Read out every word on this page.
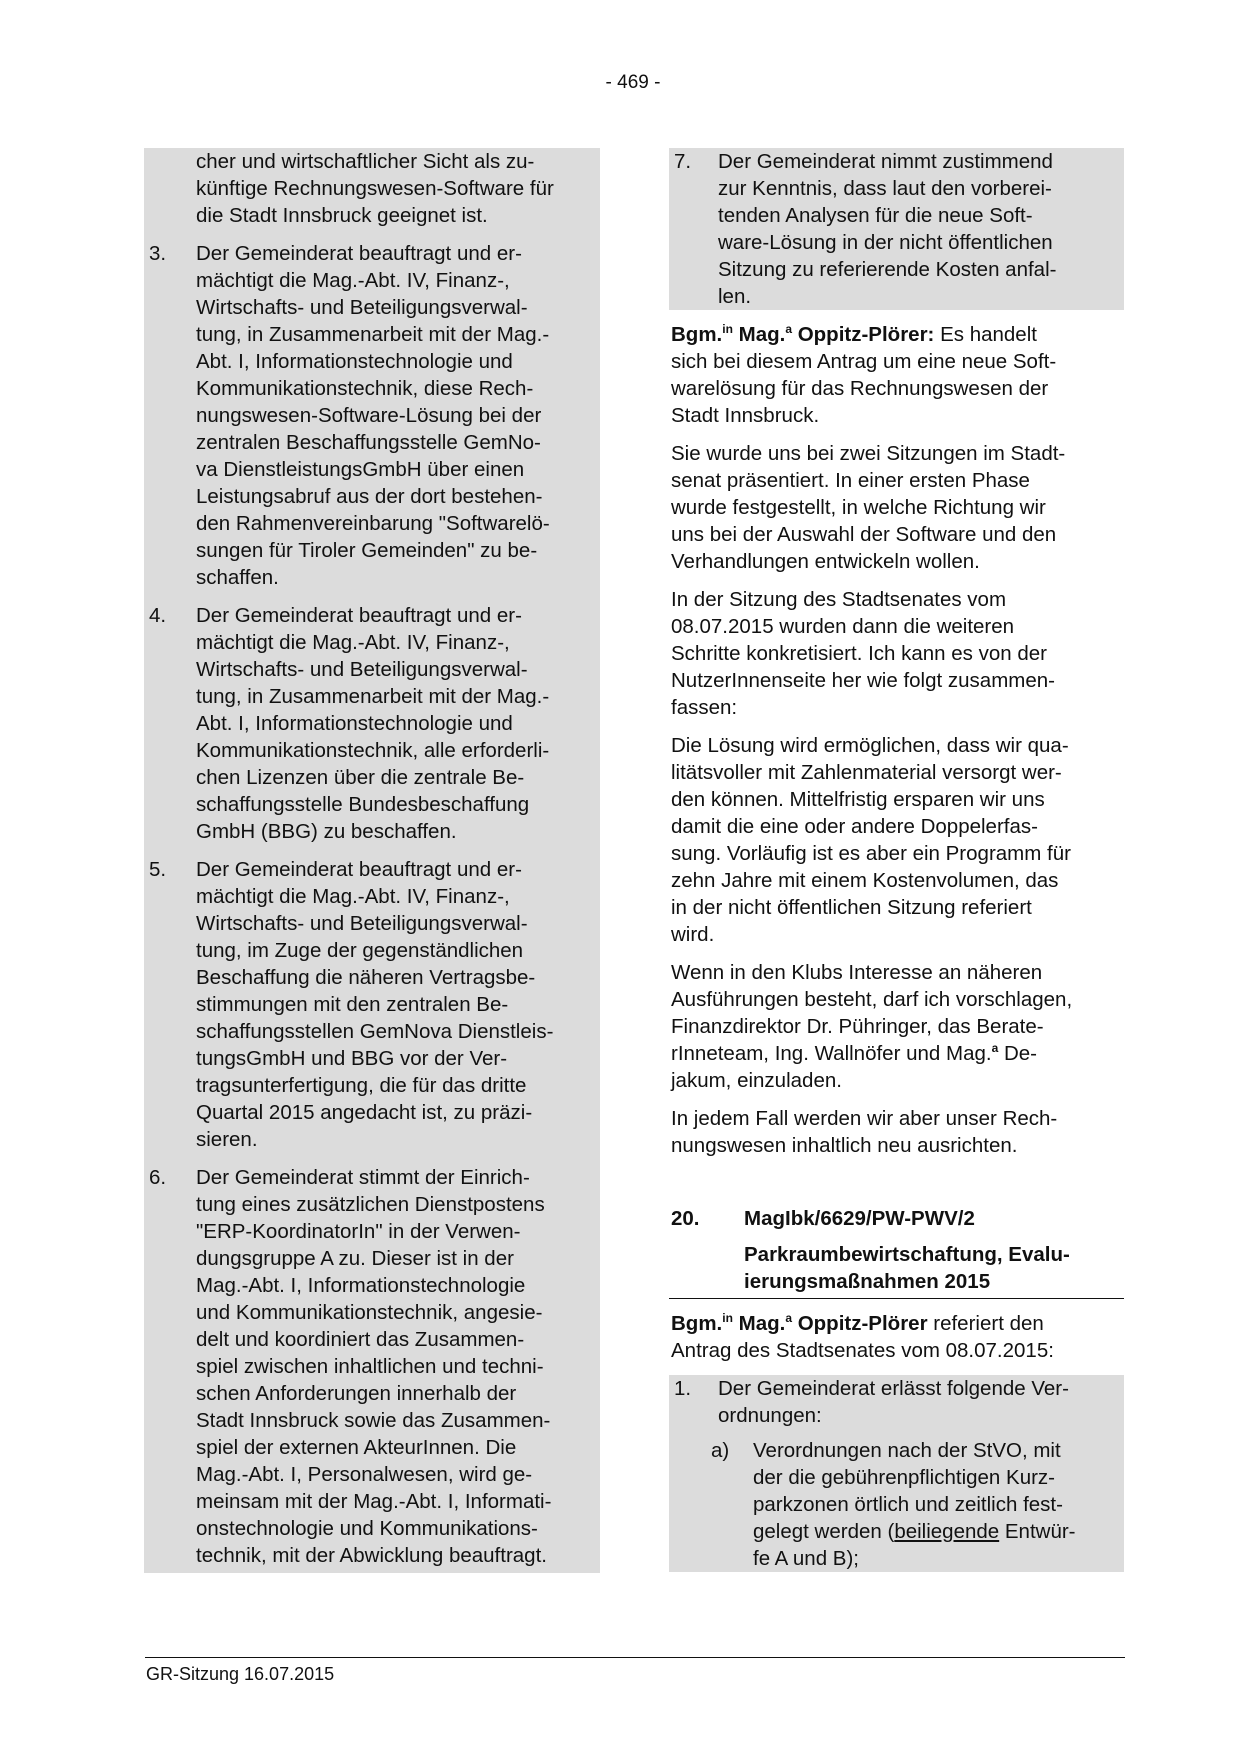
- 469 -
cher und wirtschaftlicher Sicht als zu-
künftige Rechnungswesen-Software für
die Stadt Innsbruck geeignet ist.
3. Der Gemeinderat beauftragt und er-
mächtigt die Mag.-Abt. IV, Finanz-,
Wirtschafts- und Beteiligungsverwal-
tung, in Zusammenarbeit mit der Mag.-
Abt. I, Informationstechnologie und
Kommunikationstechnik, diese Rech-
nungswesen-Software-Lösung bei der
zentralen Beschaffungsstelle GemNo-
va DienstleistungsGmbH über einen
Leistungsabruf aus der dort bestehen-
den Rahmenvereinbarung "Softwarelö-
sungen für Tiroler Gemeinden" zu be-
schaffen.
4. Der Gemeinderat beauftragt und er-
mächtigt die Mag.-Abt. IV, Finanz-,
Wirtschafts- und Beteiligungsverwal-
tung, in Zusammenarbeit mit der Mag.-
Abt. I, Informationstechnologie und
Kommunikationstechnik, alle erforderli-
chen Lizenzen über die zentrale Be-
schaffungsstelle Bundesbeschaffung
GmbH (BBG) zu beschaffen.
5. Der Gemeinderat beauftragt und er-
mächtigt die Mag.-Abt. IV, Finanz-,
Wirtschafts- und Beteiligungsverwal-
tung, im Zuge der gegenständlichen
Beschaffung die näheren Vertragsbe-
stimmungen mit den zentralen Be-
schaffungsstellen GemNova Dienstleis-
tungsGmbH und BBG vor der Ver-
tragsunterfertigung, die für das dritte
Quartal 2015 angedacht ist, zu präzi-
sieren.
6. Der Gemeinderat stimmt der Einrich-
tung eines zusätzlichen Dienstpostens
"ERP-KoordinatorIn" in der Verwen-
dungsgruppe A zu. Dieser ist in der
Mag.-Abt. I, Informationstechnologie
und Kommunikationstechnik, angesie-
delt und koordiniert das Zusammen-
spiel zwischen inhaltlichen und techni-
schen Anforderungen innerhalb der
Stadt Innsbruck sowie das Zusammen-
spiel der externen AkteurInnen. Die
Mag.-Abt. I, Personalwesen, wird ge-
meinsam mit der Mag.-Abt. I, Informati-
onstechnologie und Kommunikations-
technik, mit der Abwicklung beauftragt.
7. Der Gemeinderat nimmt zustimmend
zur Kenntnis, dass laut den vorberei-
tenden Analysen für die neue Soft-
ware-Lösung in der nicht öffentlichen
Sitzung zu referierende Kosten anfal-
len.
Bgm.$^{in}$ Mag.$^a$ Oppitz-Plörer: Es handelt
sich bei diesem Antrag um eine neue Soft-
warelösung für das Rechnungswesen der
Stadt Innsbruck.
Sie wurde uns bei zwei Sitzungen im Stadt-
senat präsentiert. In einer ersten Phase
wurde festgestellt, in welche Richtung wir
uns bei der Auswahl der Software und den
Verhandlungen entwickeln wollen.
In der Sitzung des Stadtsenates vom
08.07.2015 wurden dann die weiteren
Schritte konkretisiert. Ich kann es von der
NutzerInnenseite her wie folgt zusammen-
fassen:
Die Lösung wird ermöglichen, dass wir qua-
litätsvoller mit Zahlenmaterial versorgt wer-
den können. Mittelfristig ersparen wir uns
damit die eine oder andere Doppelerfas-
sung. Vorläufig ist es aber ein Programm für
zehn Jahre mit einem Kostenvolumen, das
in der nicht öffentlichen Sitzung referiert
wird.
Wenn in den Klubs Interesse an näheren
Ausführungen besteht, darf ich vorschlagen,
Finanzdirektor Dr. Pühringer, das Berate-
rInneteam, Ing. Wallnöfer und Mag.$^a$ De-
jakum, einzuladen.
In jedem Fall werden wir aber unser Rech-
nungswesen inhaltlich neu ausrichten.
20. MagIbk/6629/PW-PWV/2
Parkraumbewirtschaftung, Evalu-
ierungsmaßnahmen 2015
Bgm.$^{in}$ Mag.$^a$ Oppitz-Plörer referiert den
Antrag des Stadtsenates vom 08.07.2015:
1. Der Gemeinderat erlässt folgende Ver-
ordnungen:
a) Verordnungen nach der StVO, mit
der die gebührenpflichtigen Kurz-
parkzonen örtlich und zeitlich fest-
gelegt werden (beiliegende Entwür-
fe A und B);
GR-Sitzung 16.07.2015
